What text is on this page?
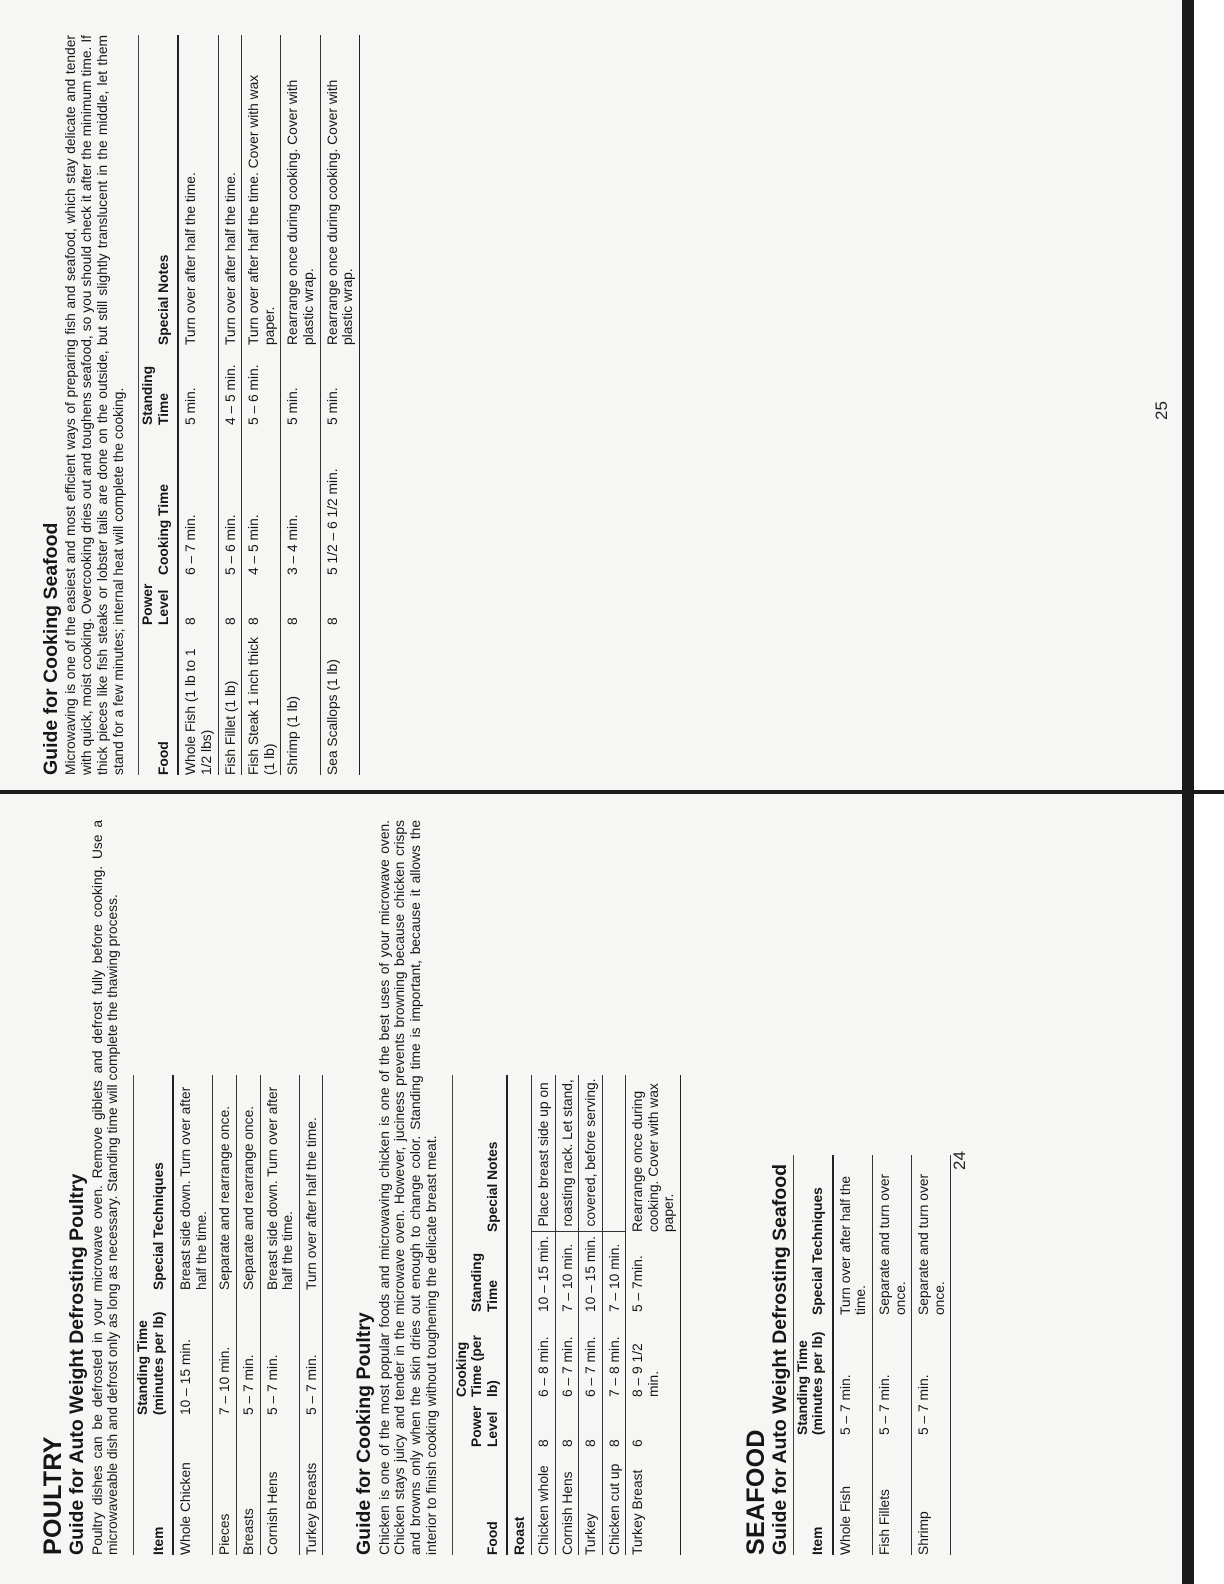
POULTRY Guide for Auto Weight Defrosting Poultry Poultry dishes can be defrosted in your microwave oven. Remove giblets and defrost fully before cooking. Use a microwaveable dish and defrost only as long as necessary. Standing time will complete the thawing process. Item	Standing Time (minutes per lb)	Special Techniques
Whole Chicken	10 – 15 min.	Breast side down. Turn over after half the time.
Pieces	7 – 10 min.	Separate and rearrange once.
Breasts	5 – 7 min.	Separate and rearrange once.
Cornish Hens	5 – 7 min.	Breast side down. Turn over after half the time.
Turkey Breasts	5 – 7 min.	Turn over after half the time.
Guide for Cooking Poultry Chicken is one of the most popular foods and microwaving chicken is one of the best uses of your microwave oven. Chicken stays juicy and tender in the microwave oven. However, juciness prevents browning because chicken crisps and browns only when the skin dries out enough to change color. Standing time is important, because it allows the interior to finish cooking without toughening the delicate breast meat.	Food	Power Level	Cooking Time (per lb)	Standing Time	Special Notes
Roast				
Chicken whole	8	6 – 8 min.	10 – 15 min.	Place breast side up on
Cornish Hens	8	6 – 7 min.	7 – 10 min.	roasting rack. Let stand,
Turkey	8	6 – 7 min.	10 – 15 min.	covered, before serving.
Chicken cut up	8	7 – 8 min.	7 – 10 min.	
Turkey Breast	6	8 – 9 1/2 min.	5 – 7min.	Rearrange once during cooking. Cover with wax paper.
SEAFOOD Guide for Auto Weight Defrosting Seafood Item	Standing Time (minutes per lb)	Special Techniques
Whole Fish	5 – 7 min.	Turn over after half the time.
Fish Fillets	5 – 7 min.	Separate and turn over once.
Shrimp	5 – 7 min.	Separate and turn over once.
Guide for Cooking Seafood Microwaving is one of the easiest and most efficient ways of preparing fish and seafood, which stay delicate and tender with quick, moist cooking. Overcooking dries out and toughens seafood, so you should check it after the minimum time. If thick pieces like fish steaks or lobster tails are done on the outside, but still slightly translucent in the middle, let them stand for a few minutes; internal heat will complete the cooking. Food	Power Level	Cooking Time	Standing Time	Special Notes
Whole Fish (1 lb to 1 1/2 lbs)	8	6 – 7 min.	5 min.	Turn over after half the time.
Fish Fillet (1 lb)	8	5 – 6 min.	4 – 5 min.	Turn over after half the time.
Fish Steak 1 inch thick (1 lb)	8	4 – 5 min.	5 – 6 min.	Turn over after half the time. Cover with wax paper.
Shrimp (1 lb)	8	3 – 4 min.	5 min.	Rearrange once during cooking. Cover with plastic wrap.
Sea Scallops (1 lb)	8	5 1/2 – 6 1/2 min.	5 min.	Rearrange once during cooking. Cover with plastic wrap.
24
25
